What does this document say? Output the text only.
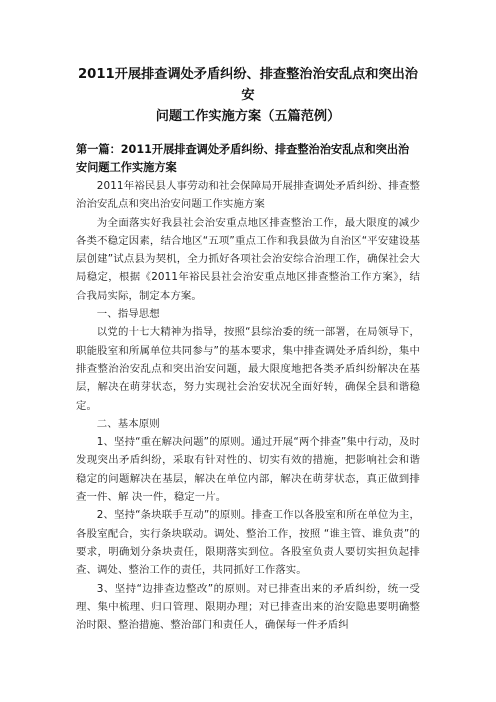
2011开展排查调处矛盾纠纷、排查整治治安乱点和突出治安
问题工作实施方案（五篇范例）
第一篇：2011开展排查调处矛盾纠纷、排查整治治安乱点和突出治安问题工作实施方案

2011年裕民县人事劳动和社会保障局开展排查调处矛盾纠纷、排查整治治安乱点和突出治安问题工作实施方案

为全面落实好我县社会治安重点地区排查整治工作，最大限度的减少各类不稳定因素，结合地区“五项”重点工作和我县做为自治区“平安建设基层创建”试点县为契机，全力抓好各项社会治安综合治理工作，确保社会大局稳定，根据《2011年裕民县社会治安重点地区排查整治工作方案》，结合我局实际，制定本方案。

一、指导思想

以党的十七大精神为指导，按照“县综治委的统一部署，在局领导下，职能股室和所属单位共同参与”的基本要求，集中排查调处矛盾纠纷，集中排查整治治安乱点和突出治安问题，最大限度地把各类矛盾纠纷解决在基层，解决在萌芽状态，努力实现社会治安状况全面好转，确保全县和谐稳定。

二、基本原则

1、坚持“重在解决问题”的原则。通过开展“两个排查”集中行动，及时发现突出矛盾纠纷，采取有针对性的、切实有效的措施，把影响社会和谐稳定的问题解决在基层，解决在单位内部，解决在萌芽状态，真正做到排查一件、解 决一件，稳定一片。

2、坚持“条块联手互动”的原则。排查工作以各股室和所在单位为主，各股室配合，实行条块联动。调处、整治工作，按照 “谁主管、谁负责”的要求，明确划分条块责任，限期落实到位。各股室负责人要切实担负起排查、调处、整治工作的责任，共同抓好工作落实。

3、坚持“边排查边整改”的原则。对已排查出来的矛盾纠纷，统一受理、集中梳理、归口管理、限期办理；对已排查出来的治安隐患要明确整治时限、整治措施、整治部门和责任人，确保每一件矛盾纠
